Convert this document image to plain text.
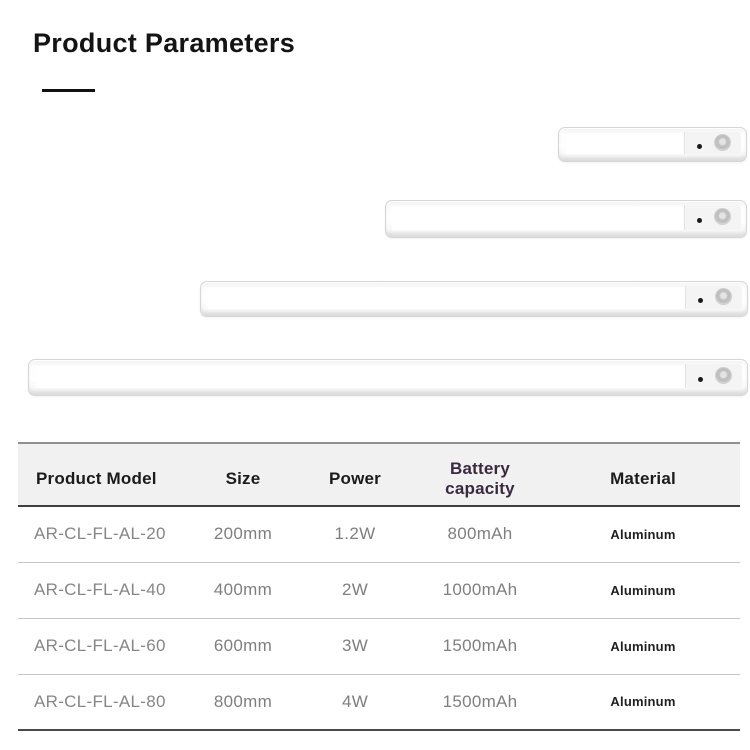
Product Parameters
Product Model	Size	Power	Battery capacity	Material
AR-CL-FL-AL-20	200mm	1.2W	800mAh	Aluminum
AR-CL-FL-AL-40	400mm	2W	1000mAh	Aluminum
AR-CL-FL-AL-60	600mm	3W	1500mAh	Aluminum
AR-CL-FL-AL-80	800mm	4W	1500mAh	Aluminum
